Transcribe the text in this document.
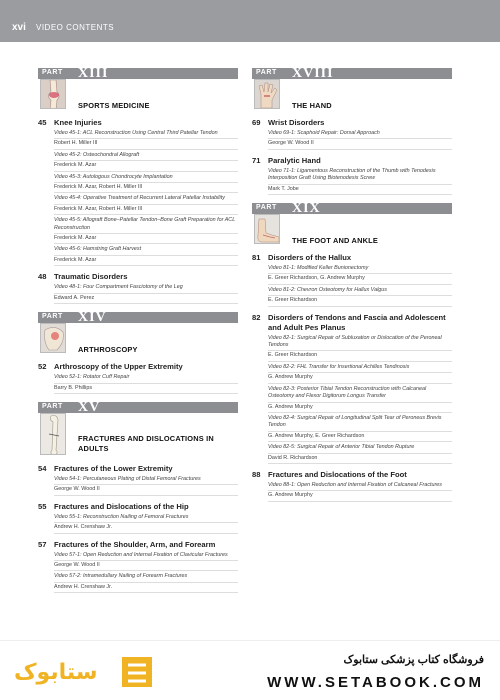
xvi VIDEO CONTENTS
PART XIII
SPORTS MEDICINE
45 Knee Injuries
Video 45-1: ACL Reconstruction Using Central Third Patellar Tendon
Robert H. Miller III
Video 45-2: Osteochondral Allograft
Frederick M. Azar
Video 45-3: Autologous Chondrocyte Implantation
Frederick M. Azar, Robert H. Miller III
Video 45-4: Operative Treatment of Recurrent Lateral Patellar Instability
Frederick M. Azar, Robert H. Miller III
Video 45-5: Allograft Bone–Patellar Tendon–Bone Graft Preparation for ACL Reconstruction
Frederick M. Azar
Video 45-6: Hamstring Graft Harvest
Frederick M. Azar
48 Traumatic Disorders
Video 48-1: Four Compartment Fasciotomy of the Leg
Edward A. Perez
PART XIV
ARTHROSCOPY
52 Arthroscopy of the Upper Extremity
Video 52-1: Rotator Cuff Repair
Barry B. Phillips
PART XV
FRACTURES AND DISLOCATIONS IN ADULTS
54 Fractures of the Lower Extremity
Video 54-1: Percutaneous Plating of Distal Femoral Fractures
George W. Wood II
55 Fractures and Dislocations of the Hip
Video 55-1: Reconstruction Nailing of Femoral Fractures
Andrew H. Crenshaw Jr.
57 Fractures of the Shoulder, Arm, and Forearm
Video 57-1: Open Reduction and Internal Fixation of Clavicular Fractures
George W. Wood II
Video 57-2: Intramedullary Nailing of Forearm Fractures
Andrew H. Crenshaw Jr.
PART XVIII
THE HAND
69 Wrist Disorders
Video 69-1: Scaphoid Repair: Dorsal Approach
George W. Wood II
71 Paralytic Hand
Video 71-1: Ligamentous Reconstruction of the Thumb with Tenodesis Interposition Graft Using Biotenodesis Screw
Mark T. Jobe
PART XIX
THE FOOT AND ANKLE
81 Disorders of the Hallux
Video 81-1: Modified Keller Bunionectomy
E. Greer Richardson, G. Andrew Murphy
Video 81-2: Chevron Osteotomy for Hallux Valgus
E. Greer Richardson
82 Disorders of Tendons and Fascia and Adolescent and Adult Pes Planus
Video 82-1: Surgical Repair of Subluxation or Dislocation of the Peroneal Tendons
E. Greer Richardson
Video 82-2: FHL Transfer for Insertional Achilles Tendinosis
G. Andrew Murphy
Video 82-3: Posterior Tibial Tendon Reconstruction with Calcaneal Osteotomy and Flexor Digitorum Longus Transfer
G. Andrew Murphy
Video 82-4: Surgical Repair of Longitudinal Split Tear of Peroneus Brevis Tendon
G. Andrew Murphy, E. Greer Richardson
Video 82-5: Surgical Repair of Anterior Tibial Tendon Rupture
David R. Richardson
88 Fractures and Dislocations of the Foot
Video 88-1: Open Reduction and Internal Fixation of Calcaneal Fractures
G. Andrew Murphy
ستابوک	فروشگاه کتاب پزشکی ستابوک
WWW.SETABOOK.COM
